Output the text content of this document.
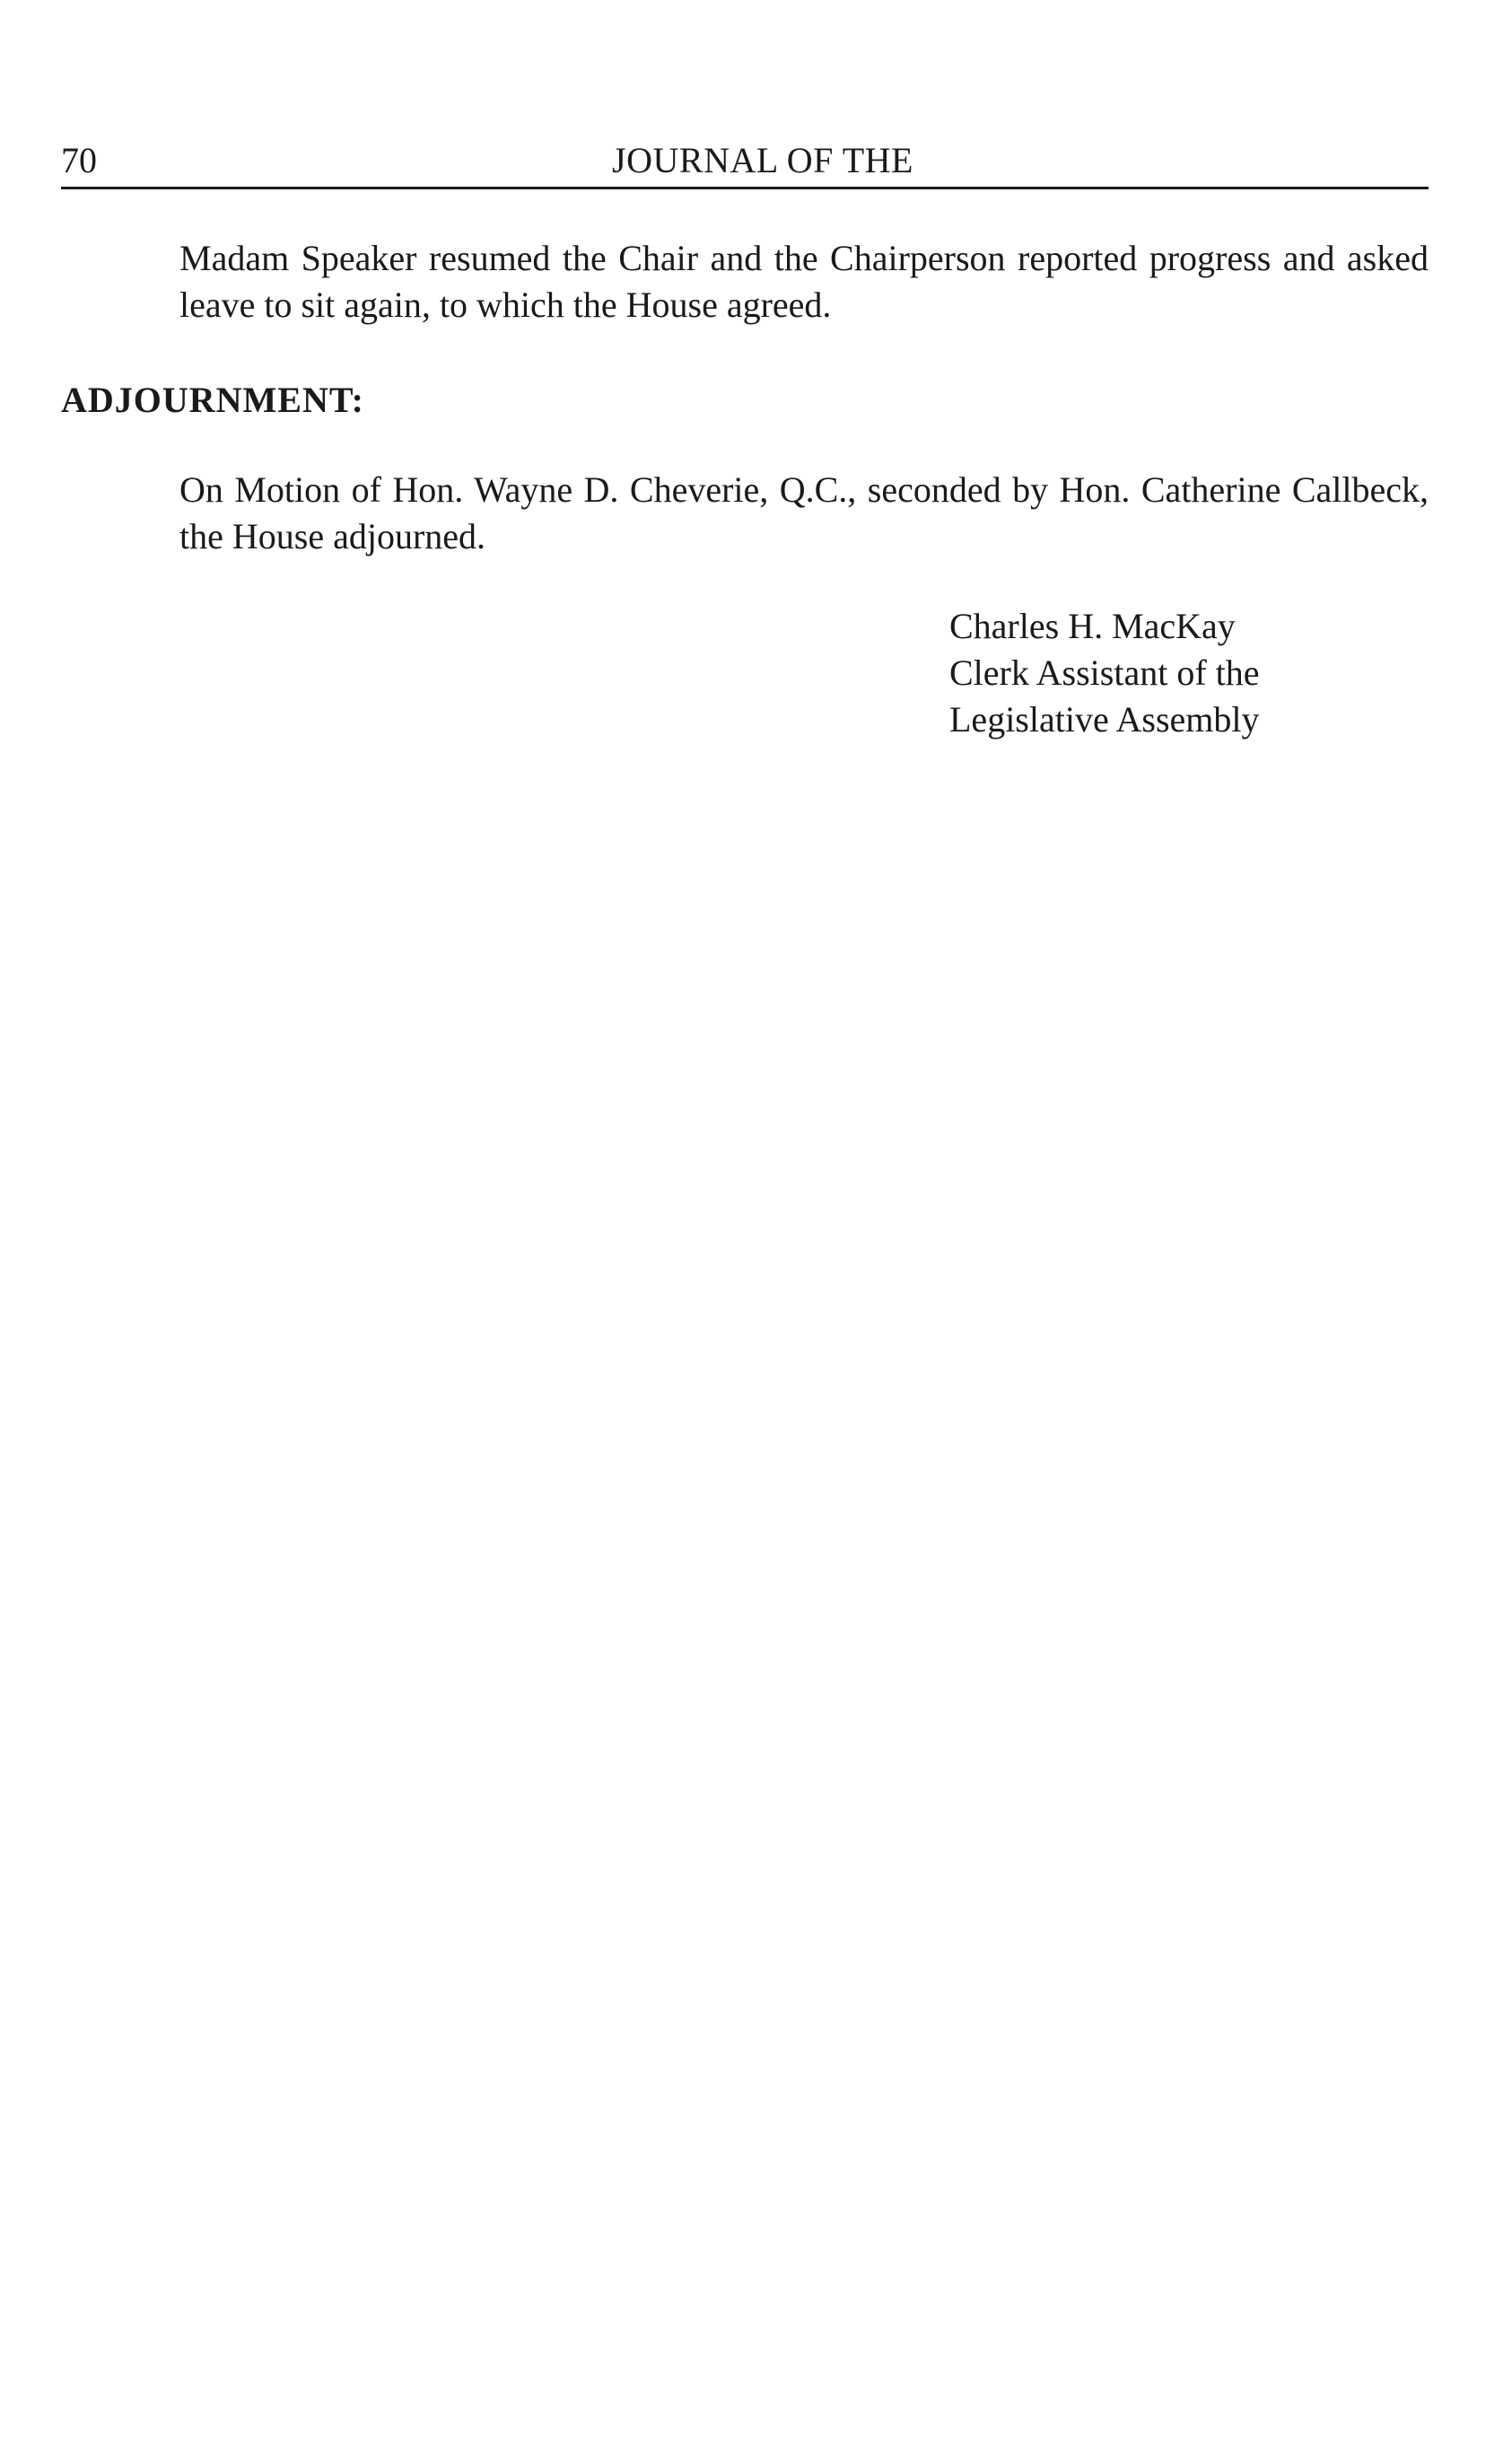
70	JOURNAL OF THE

Madam Speaker resumed the Chair and the Chairperson reported progress and asked leave to sit again, to which the House agreed.

ADJOURNMENT:

On Motion of Hon. Wayne D. Cheverie, Q.C., seconded by Hon. Catherine Callbeck, the House adjourned.

Charles H. MacKay
Clerk Assistant of the
Legislative Assembly
